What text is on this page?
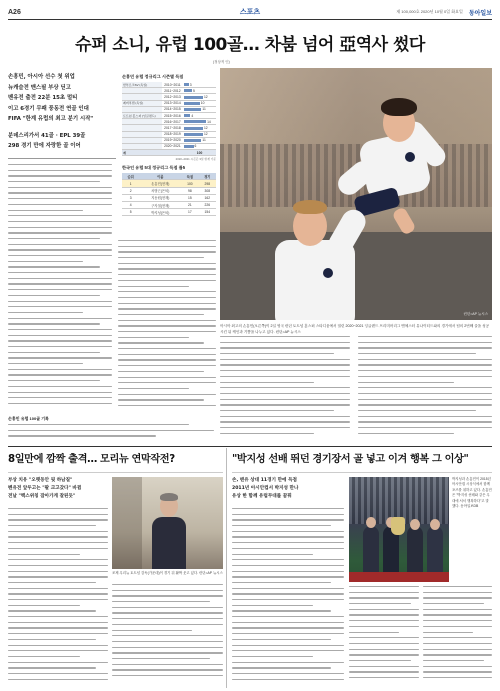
A26	스포츠	제 100,000호 2020년 10월 0일 화요일 동아일보
슈퍼 소니, 유럽 100골… 차붐 넘어 亞역사 썼다
(정상적 인)

손흥민, 아시아 선수 첫 위업

뉴캐슬전 맨스필 부상 딛고

벤유전 출전 22분 15초 멀티

이고 6경기 무패 풍동전 연골 인대

FIFA "한계 유럽의 최고 분기 시작"

분데스리가서 41골 · EPL 39골

298 경기 만에 자랑한 골 이어

손흥민 유럽 정규리그 시즌별 득점
함부르크SV (독일)	2010~2011	3
	2011~2012	5
	2012~2013	12
레버쿠젠 (독일)	2013~2014	10
	2014~2015	11
토트넘 홋스퍼 (잉글랜드)	2015~2016	4
	2016~2017	14
	2017~2018	12
	2018~2019	12
	2019~2020	11
	2020~2021	6
계		100
2020~2021 시즌은 3일 현재 기준
한국인 유럽 5대 정규리그 득점 톱5
순위	이름	득점	경기
1	손흥민(현재)	100	298
2	차범근(은퇴)	98	308
3	지동원(현재)	15	162
4	구자철(현재)	21	226
5	박지성(은퇴)	17	154
런던=AP 뉴시스
아시아 최고의 손흥민(오른쪽)이 2일 영국 런던 토트넘 홋스퍼 스타디움에서 열린 2020~2021 잉글랜드 프리미어리그 맨체스터 유나이티드와의 경기에서 팀의 2번째 골을 성공시킨 뒤 케인과 기쁨을 나누고 있다. 런던=AP 뉴시스
손흥민 유럽 100골 기록
8일만에 깜짝 출격… 모리뉴 연막작전?	"박지성 선배 뛰던 경기장서 골 넣고 이겨 행복 그 이상"

부상 치유 "오랫동안 뒷 하남질"

벤유전 앞두고는 "팔 크고갔다" 바뀜

전날 "백스위칭 잡아가게 잘된듯"

조제 무리뉴 토트넘 감독(가운데)이 경기 뒤 활짝 웃고 있다. 런던=AP 뉴시스

손, 맨유 상대 11경기 만에 득점

2011년 아시안컵서 박지성 만나

유상 한 함께 유럽무대를 꿈꿔

박지성과 손흥민이 2015년 아시안컵 시상식에서 함께 포즈를 취하고 있다. 손흥민은 "박지성 선배와 같은 무대에 서서 행복하다"고 말했다. 동아일보DB
